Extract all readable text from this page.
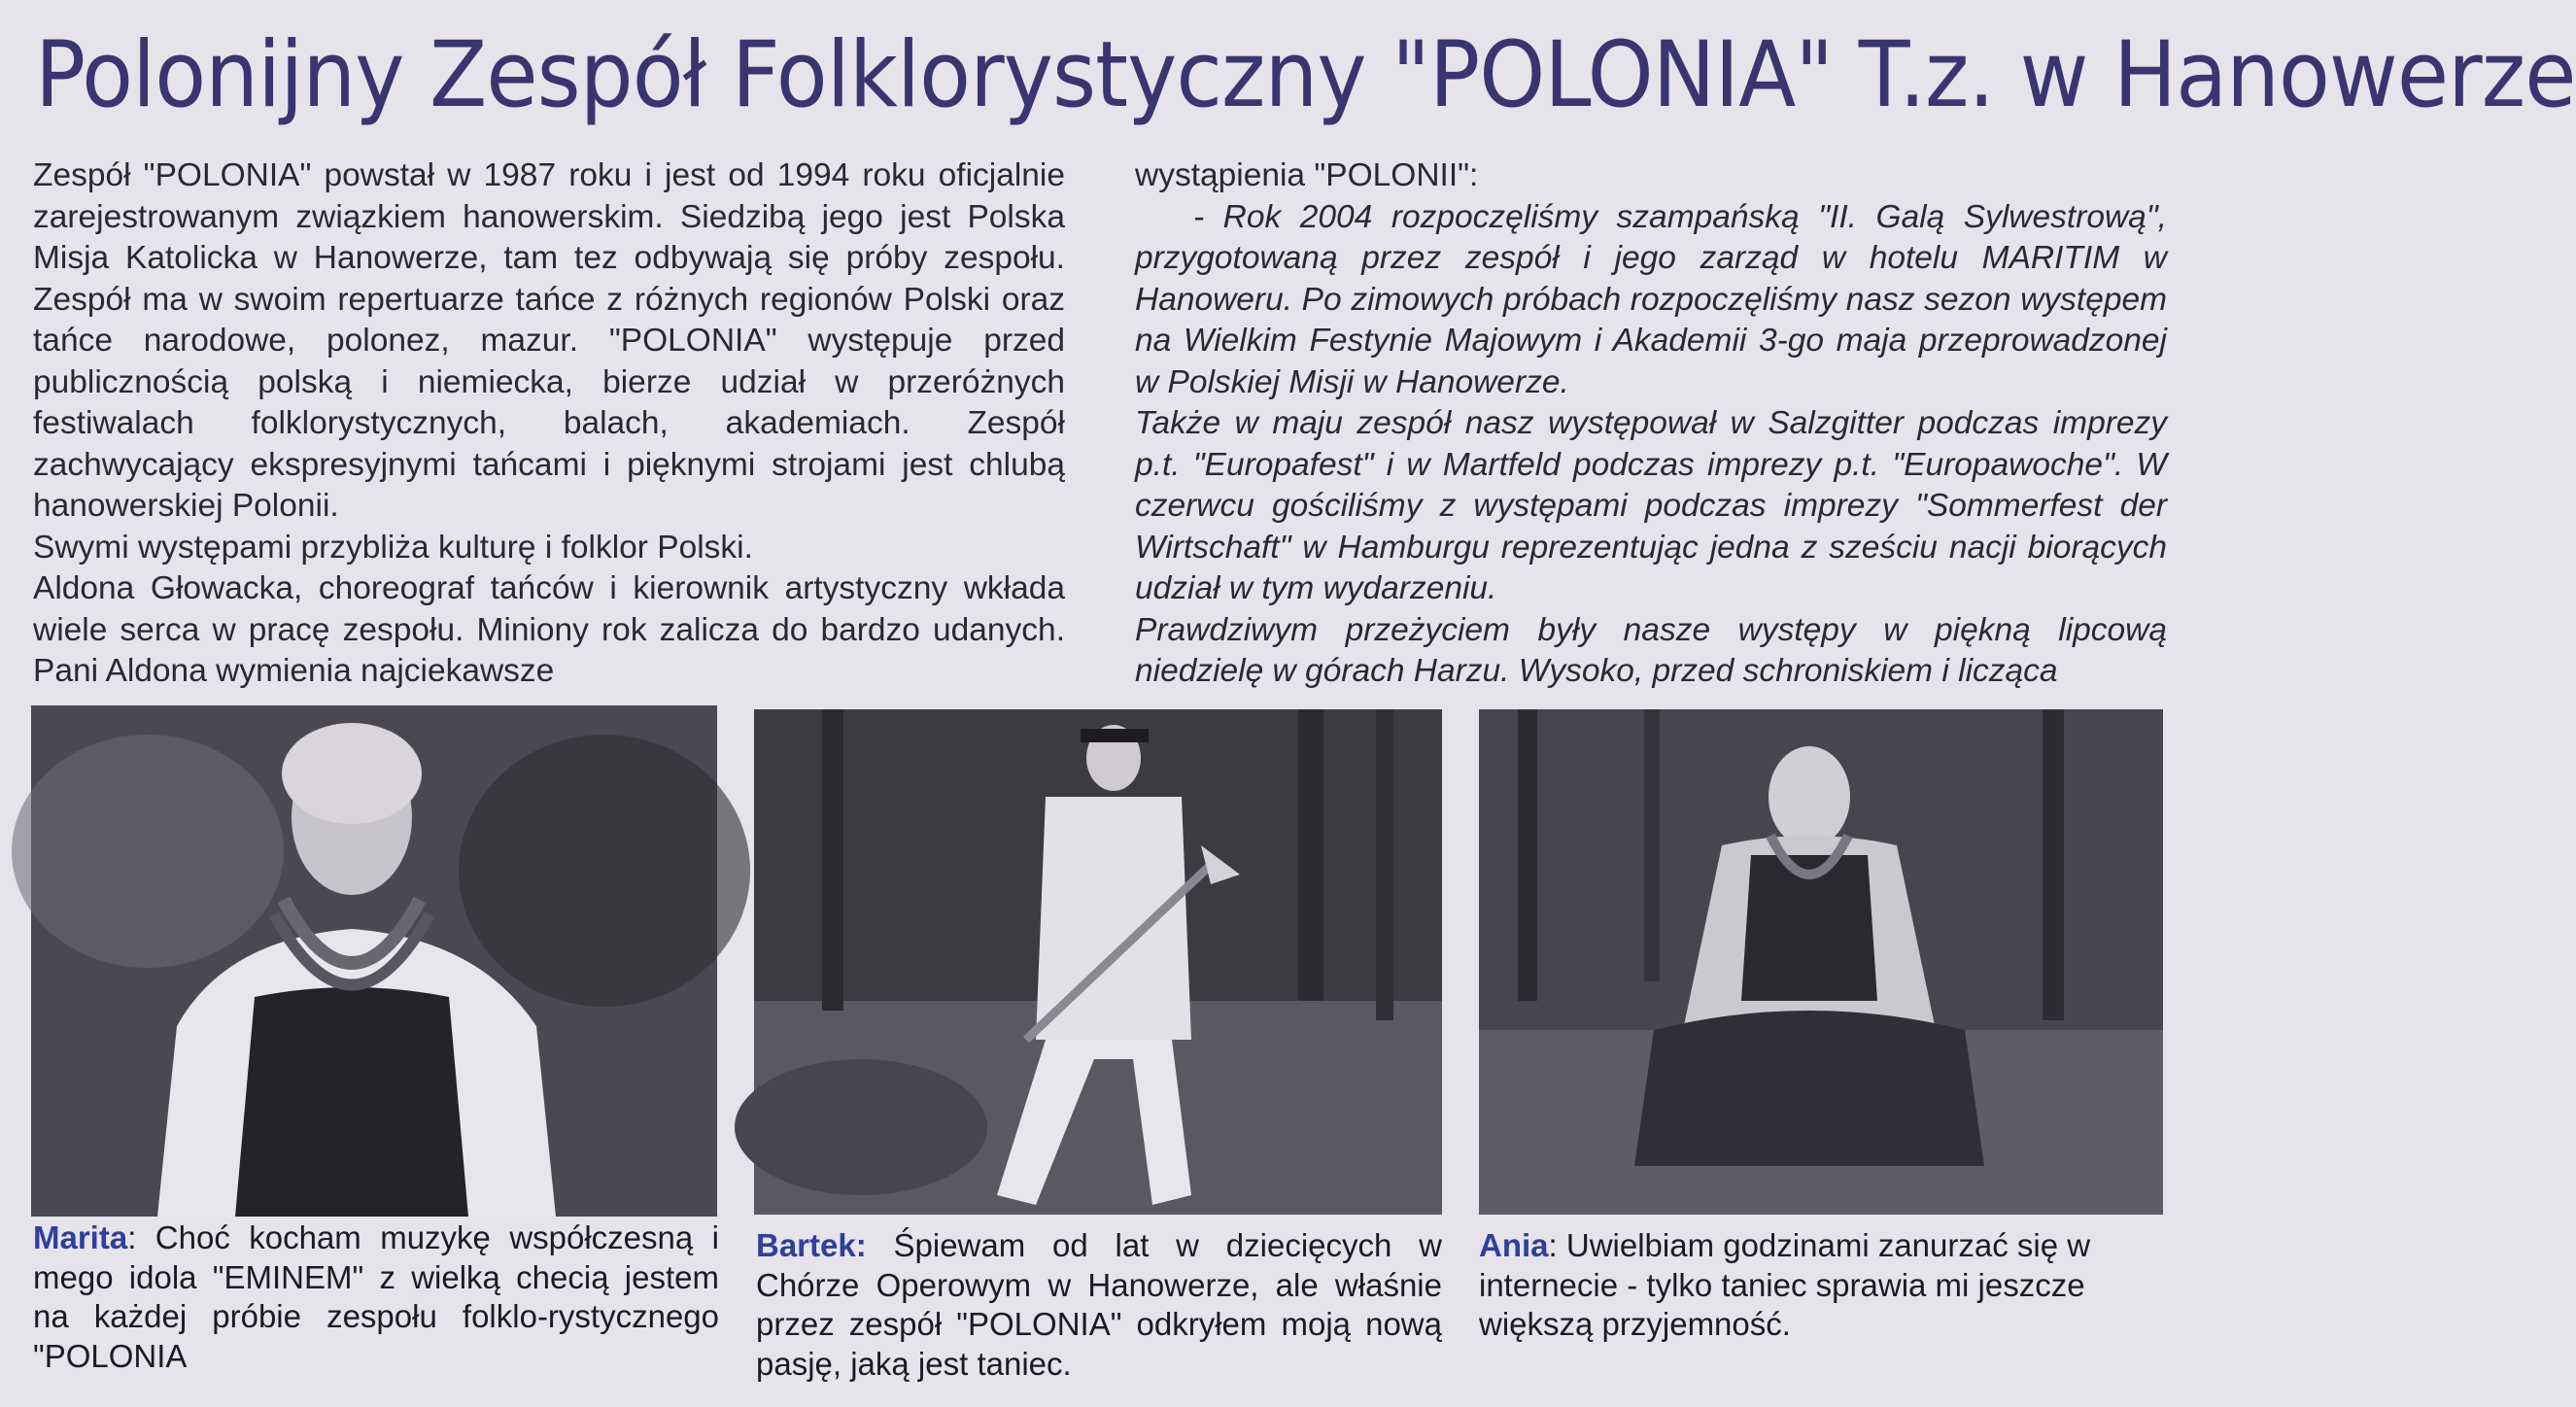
Polonijny Zespół Folklorystyczny "POLONIA" T.z. w Hanowerze

Zespół "POLONIA" powstał w 1987 roku i jest od 1994 roku oficjalnie zarejestrowanym związkiem hanowerskim. Siedzibą jego jest Polska Misja Katolicka w Hanowerze, tam tez odbywają się próby zespołu. Zespół ma w swoim repertuarze tańce z różnych regionów Polski oraz tańce narodowe, polonez, mazur. "POLONIA" występuje przed publicznością polską i niemiecka, bierze udział w przeróżnych festiwalach folklorystycznych, balach, akademiach. Zespół zachwycający ekspresyjnymi tańcami i pięknymi strojami jest chlubą hanowerskiej Polonii.

Swymi występami przybliża kulturę i folklor Polski.

Aldona Głowacka, choreograf tańców i kierownik artystyczny wkłada wiele serca w pracę zespołu. Miniony rok zalicza do bardzo udanych. Pani Aldona wymienia najciekawsze

wystąpienia "POLONII":

- Rok 2004 rozpoczęliśmy szampańską "II. Galą Sylwestrową", przygotowaną przez zespół i jego zarząd w hotelu MARITIM w Hanoweru. Po zimowych próbach rozpoczęliśmy nasz sezon występem na Wielkim Festynie Majowym i Akademii 3-go maja przeprowadzonej w Polskiej Misji w Hanowerze.

Także w maju zespół nasz występował w Salzgitter podczas imprezy p.t. "Europafest" i w Martfeld podczas imprezy p.t. "Europawoche". W czerwcu gościliśmy z występami podczas imprezy "Sommerfest der Wirtschaft" w Hamburgu reprezentując jedna z sześciu nacji biorących udział w tym wydarzeniu.

Prawdziwym przeżyciem były nasze występy w piękną lipcową niedzielę w górach Harzu. Wysoko, przed schroniskiem i licząca

Marita: Choć kocham muzykę współczesną i mego idola "EMINEM" z wielką checią jestem na każdej próbie zespołu folklo-rystycznego "POLONIA
Bartek: Śpiewam od lat w dziecięcych w Chórze Operowym w Hanowerze, ale właśnie przez zespół "POLONIA" odkryłem moją nową pasję, jaką jest taniec.
Ania: Uwielbiam godzinami zanurzać się w internecie - tylko taniec sprawia mi jeszcze większą przyjemność.
